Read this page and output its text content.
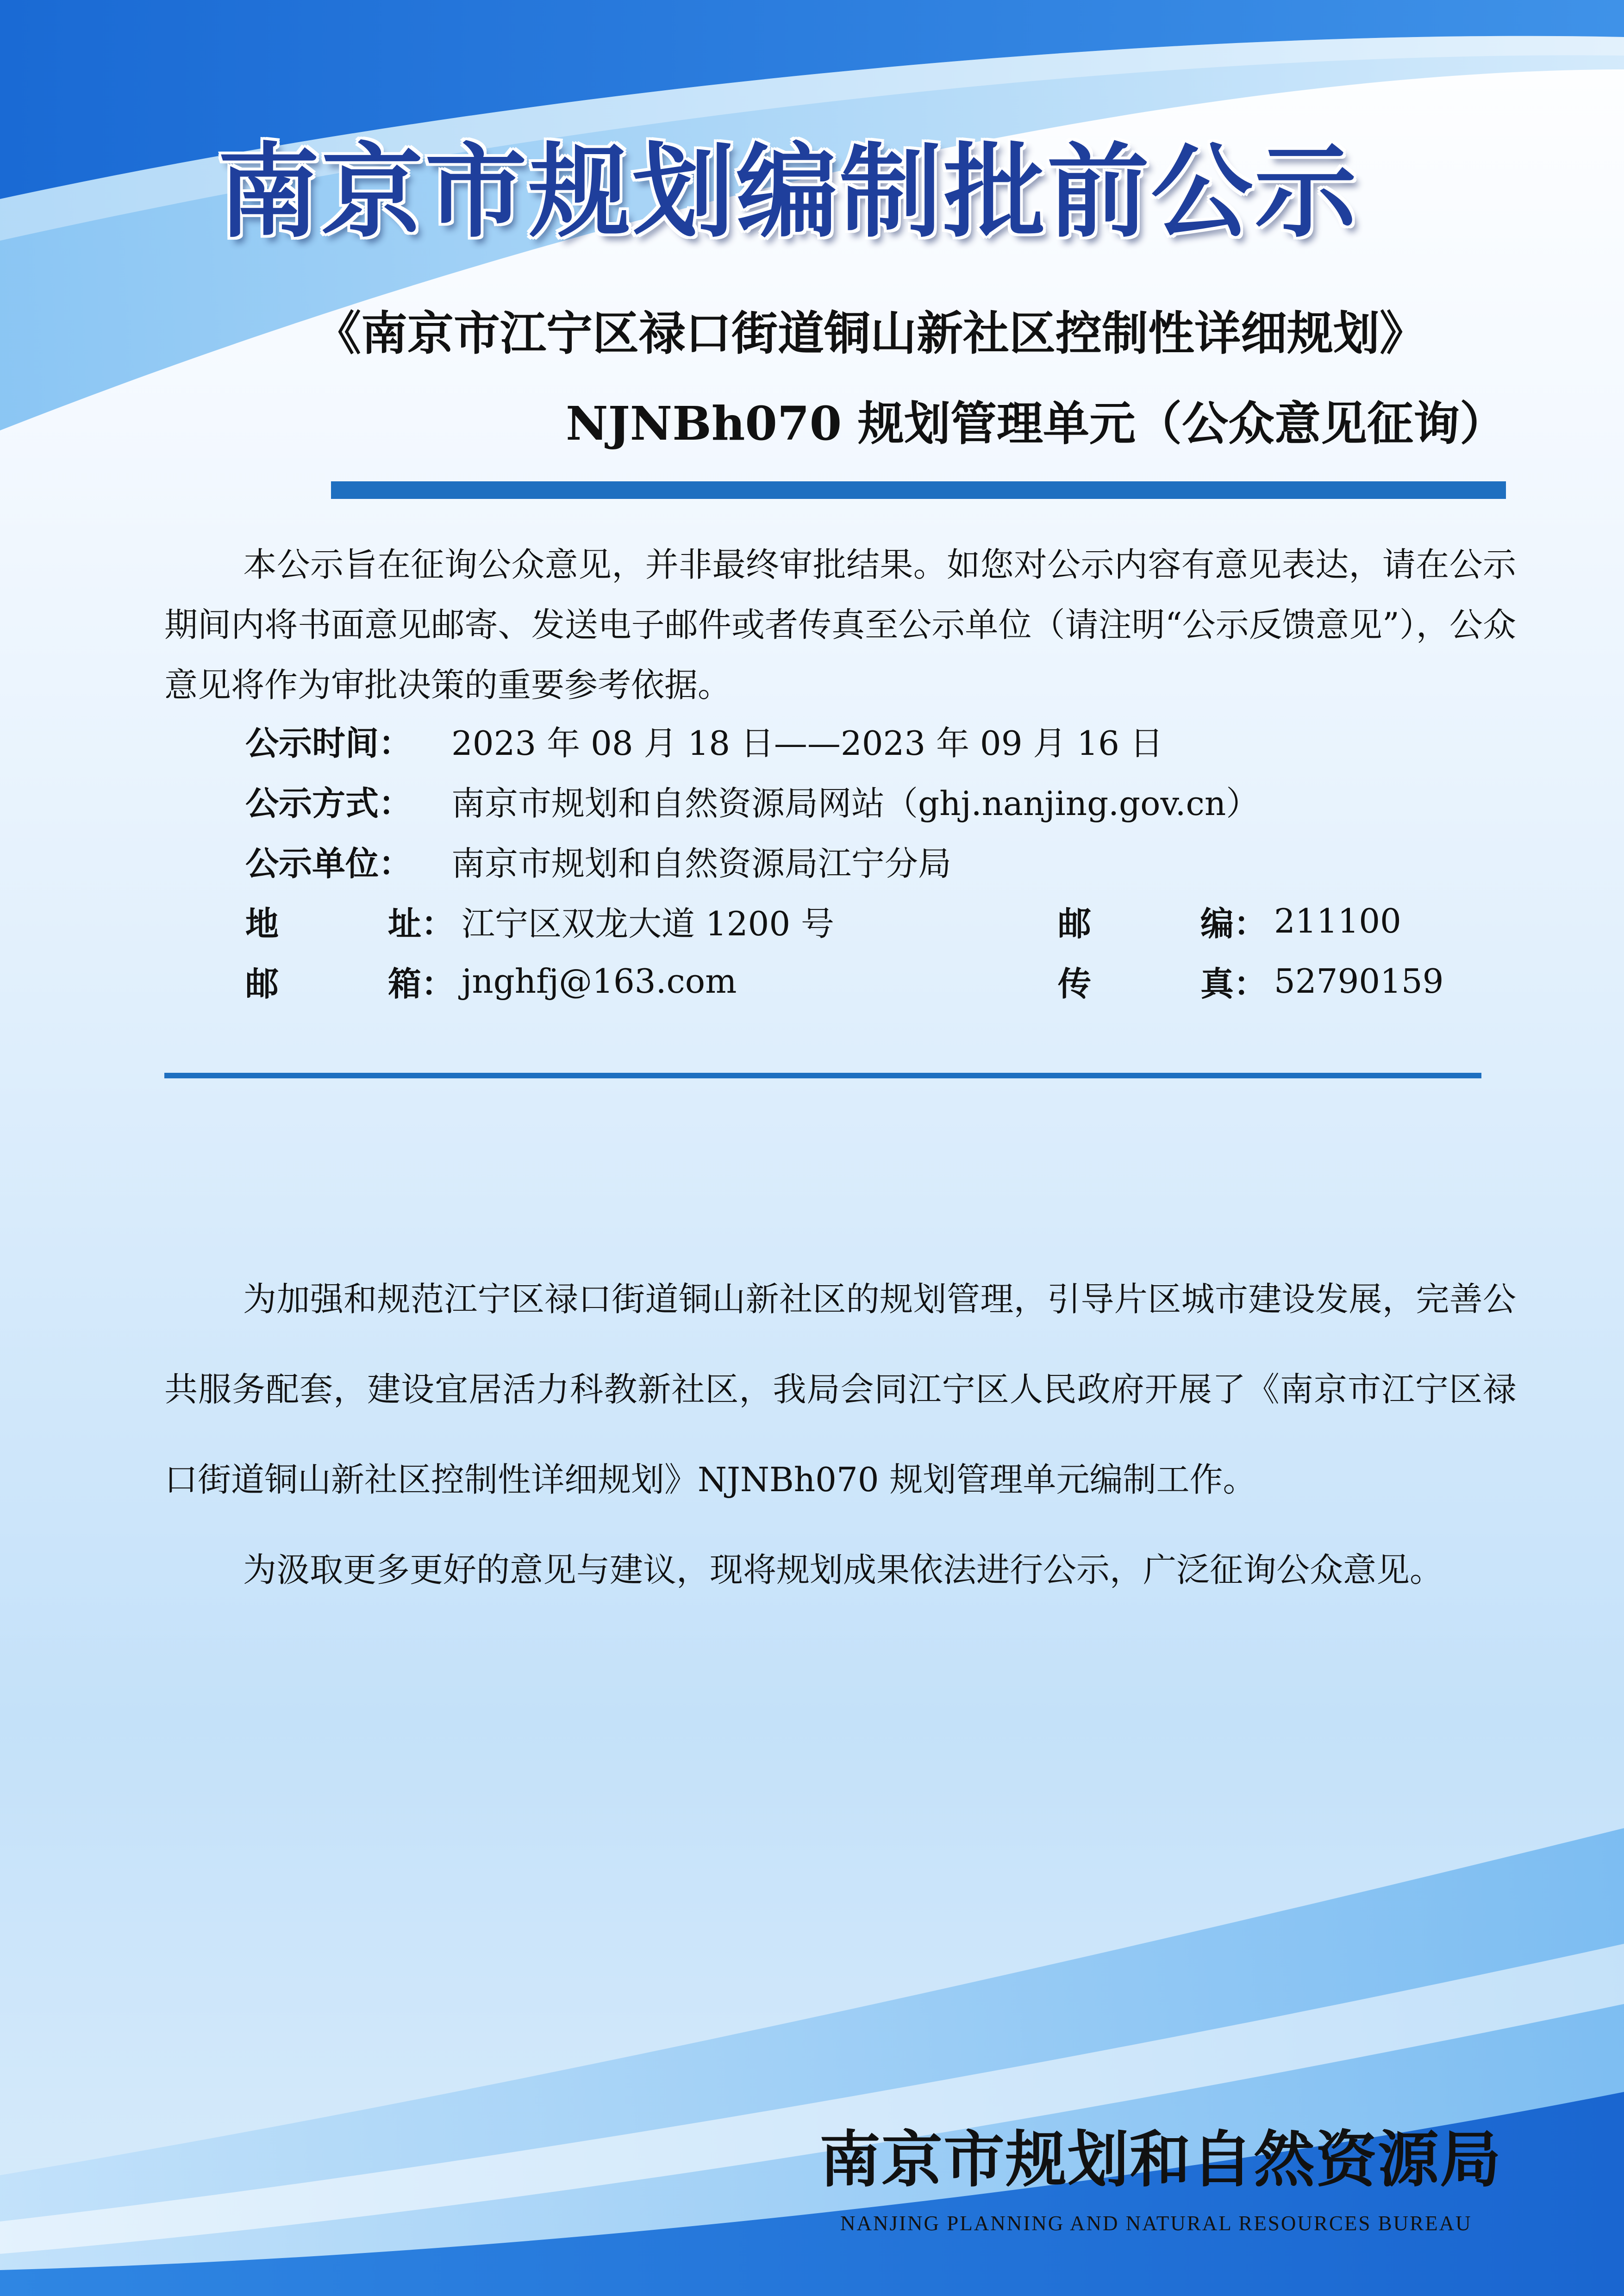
南京市规划编制批前公示
《南京市江宁区禄口街道铜山新社区控制性详细规划》
NJNBh070 规划管理单元（公众意见征询）

本公示旨在征询公众意见，并非最终审批结果。如您对公示内容有意见表达，请在公示期间内将书面意见邮寄、发送电子邮件或者传真至公示单位（请注明“公示反馈意见”），公众意见将作为审批决策的重要参考依据。

公示时间：	2023 年 08 月 18 日——2023 年 09 月 16 日
公示方式：	南京市规划和自然资源局网站（ghj.nanjing.gov.cn）
公示单位：	南京市规划和自然资源局江宁分局
地	址 ： 江宁区双龙大道 1200 号	邮	编 ： 211100
邮	箱 ： jnghfj@163.com	传	真 ： 52790159

为加强和规范江宁区禄口街道铜山新社区的规划管理，引导片区城市建设发展，完善公共服务配套，建设宜居活力科教新社区，我局会同江宁区人民政府开展了《南京市江宁区禄口街道铜山新社区控制性详细规划》NJNBh070 规划管理单元编制工作。

为汲取更多更好的意见与建议，现将规划成果依法进行公示，广泛征询公众意见。

南京市规划和自然资源局
NANJING PLANNING AND NATURAL RESOURCES BUREAU
